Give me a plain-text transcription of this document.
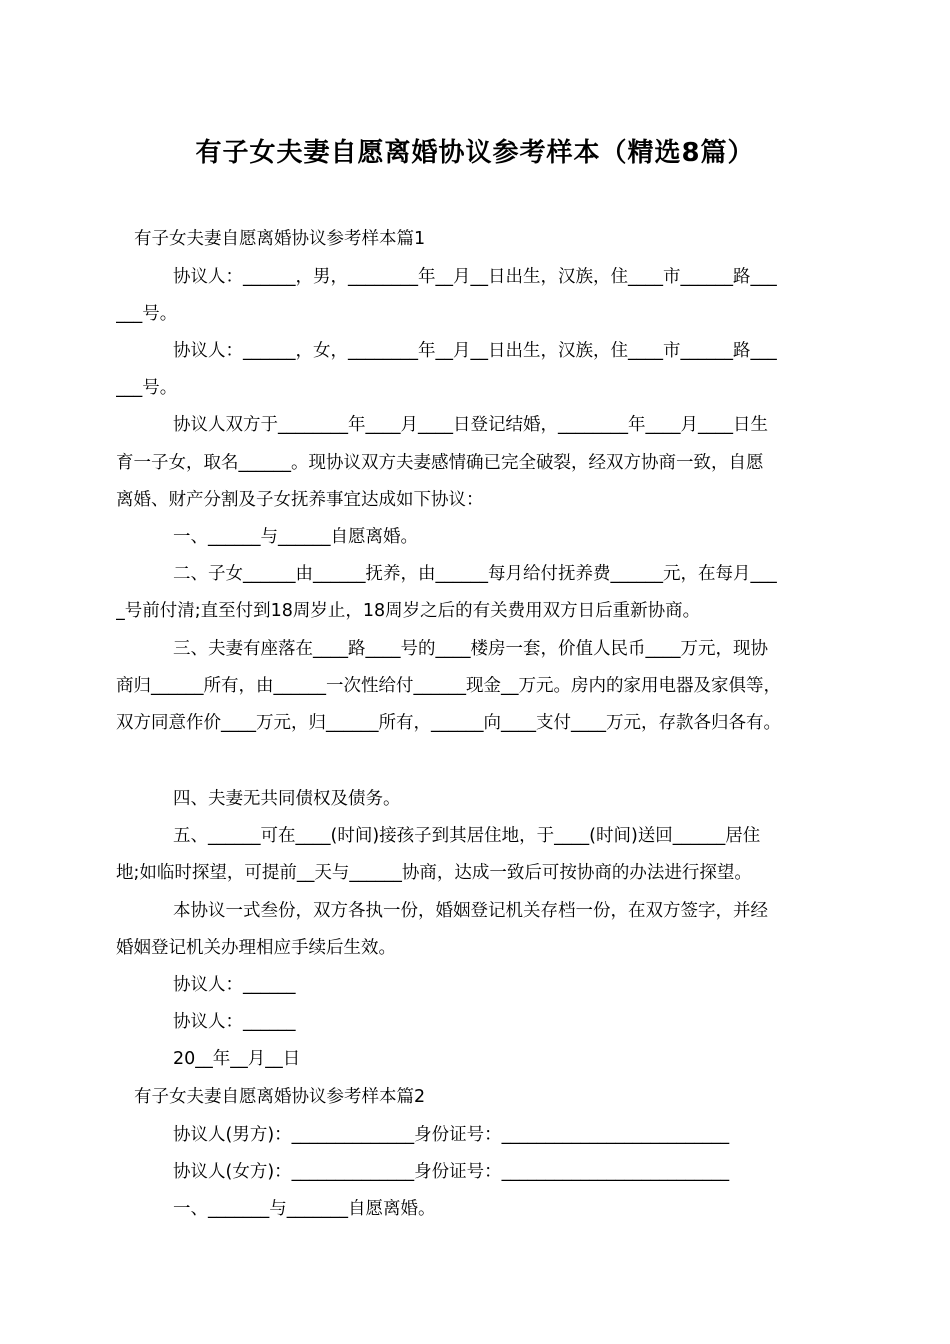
有子女夫妻自愿离婚协议参考样本（精选8篇）
有子女夫妻自愿离婚协议参考样本篇1
协议人：______，男，________年__月__日出生，汉族，住____市______路___
___号。
协议人：______，女，________年__月__日出生，汉族，住____市______路___
___号。
协议人双方于________年____月____日登记结婚，________年____月____日生
育一子女，取名______。现协议双方夫妻感情确已完全破裂，经双方协商一致，自愿
离婚、财产分割及子女抚养事宜达成如下协议：
一、______与______自愿离婚。
二、子女______由______抚养，由______每月给付抚养费______元，在每月___
_号前付清;直至付到18周岁止，18周岁之后的有关费用双方日后重新协商。
三、夫妻有座落在____路____号的____楼房一套，价值人民币____万元，现协
商归______所有，由______一次性给付______现金__万元。房内的家用电器及家俱等，
双方同意作价____万元，归______所有，______向____支付____万元，存款各归各有。
四、夫妻无共同债权及债务。
五、______可在____(时间)接孩子到其居住地，于____(时间)送回______居住
地;如临时探望，可提前__天与______协商，达成一致后可按协商的办法进行探望。
本协议一式叁份，双方各执一份，婚姻登记机关存档一份，在双方签字，并经
婚姻登记机关办理相应手续后生效。
协议人：______
协议人：______
20__年__月__日
有子女夫妻自愿离婚协议参考样本篇2
协议人(男方)：______________身份证号：__________________________
协议人(女方)：______________身份证号：__________________________
一、_______与_______自愿离婚。
